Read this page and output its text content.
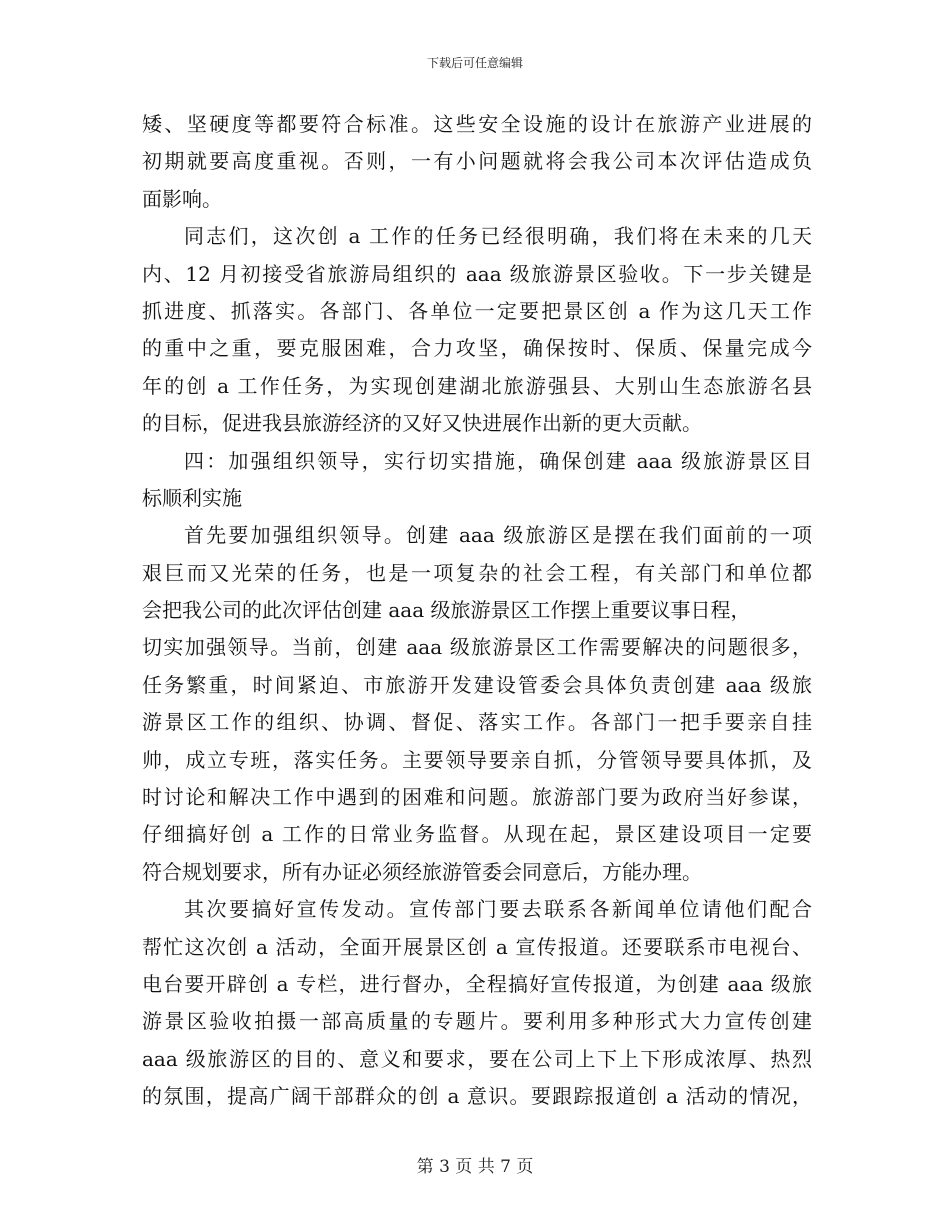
下载后可任意编辑
矮、坚硬度等都要符合标准。这些安全设施的设计在旅游产业进展的
初期就要高度重视。否则，一有小问题就将会我公司本次评估造成负
面影响。
同志们，这次创 a 工作的任务已经很明确，我们将在未来的几天
内、12 月初接受省旅游局组织的 aaa 级旅游景区验收。下一步关键是
抓进度、抓落实。各部门、各单位一定要把景区创 a 作为这几天工作
的重中之重，要克服困难，合力攻坚，确保按时、保质、保量完成今
年的创 a 工作任务，为实现创建湖北旅游强县、大别山生态旅游名县
的目标，促进我县旅游经济的又好又快进展作出新的更大贡献。
四：加强组织领导，实行切实措施，确保创建 aaa 级旅游景区目
标顺利实施
首先要加强组织领导。创建 aaa 级旅游区是摆在我们面前的一项
艰巨而又光荣的任务，也是一项复杂的社会工程，有关部门和单位都
会把我公司的此次评估创建 aaa 级旅游景区工作摆上重要议事日程，
切实加强领导。当前，创建 aaa 级旅游景区工作需要解决的问题很多，
任务繁重，时间紧迫、市旅游开发建设管委会具体负责创建 aaa 级旅
游景区工作的组织、协调、督促、落实工作。各部门一把手要亲自挂
帅，成立专班，落实任务。主要领导要亲自抓，分管领导要具体抓，及
时讨论和解决工作中遇到的困难和问题。旅游部门要为政府当好参谋，
仔细搞好创 a 工作的日常业务监督。从现在起，景区建设项目一定要
符合规划要求，所有办证必须经旅游管委会同意后，方能办理。
其次要搞好宣传发动。宣传部门要去联系各新闻单位请他们配合
帮忙这次创 a 活动，全面开展景区创 a 宣传报道。还要联系市电视台、
电台要开辟创 a 专栏，进行督办，全程搞好宣传报道，为创建 aaa 级旅
游景区验收拍摄一部高质量的专题片。要利用多种形式大力宣传创建
aaa 级旅游区的目的、意义和要求，要在公司上下上下形成浓厚、热烈
的氛围，提高广阔干部群众的创 a 意识。要跟踪报道创 a 活动的情况，
第 3 页 共 7 页
